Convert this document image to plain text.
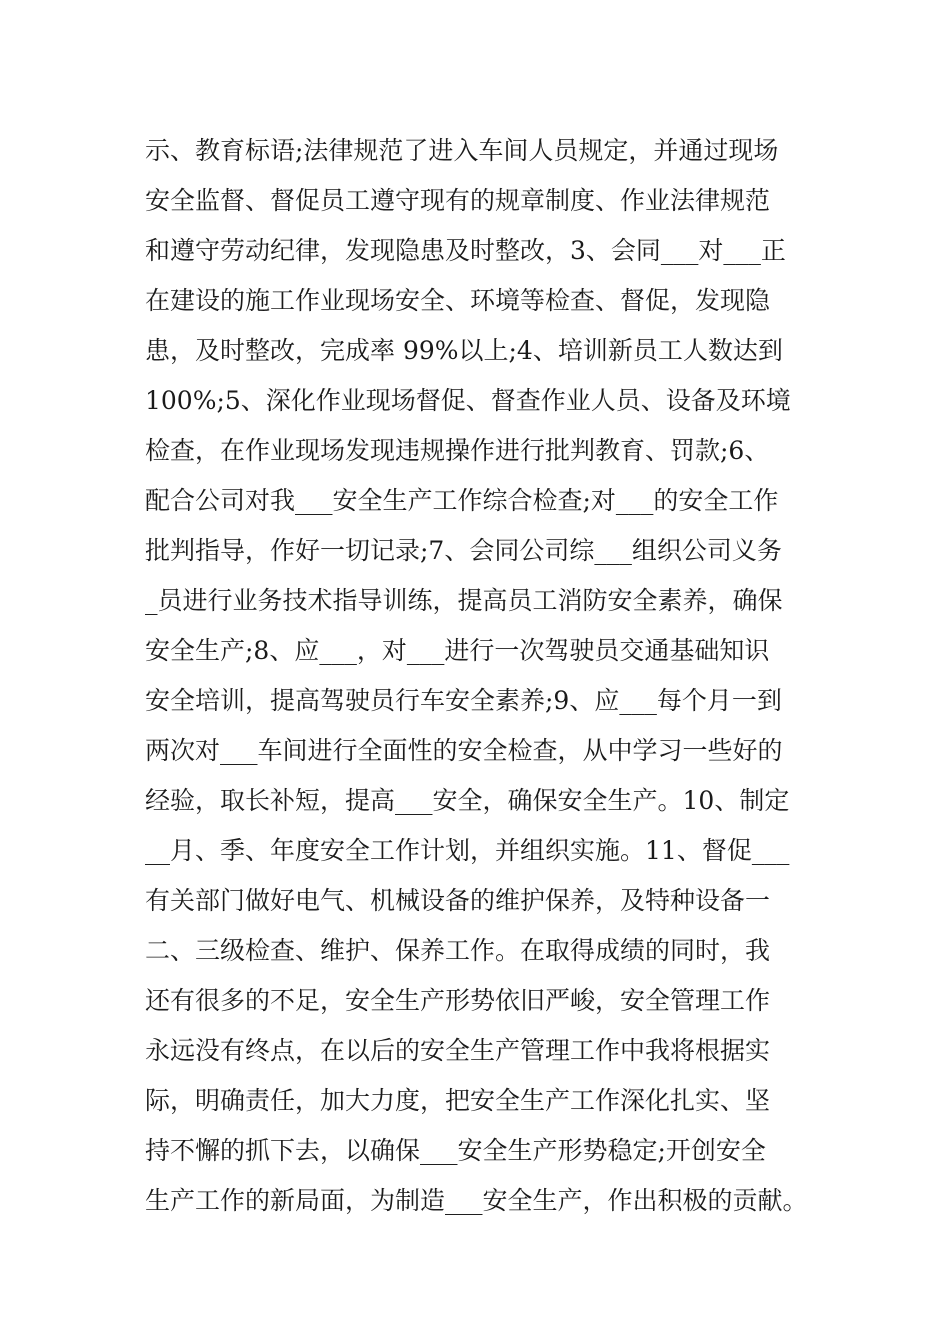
示、教育标语;法律规范了进入车间人员规定，并通过现场
安全监督、督促员工遵守现有的规章制度、作业法律规范
和遵守劳动纪律，发现隐患及时整改，3、会同___对___正
在建设的施工作业现场安全、环境等检查、督促，发现隐
患，及时整改，完成率 99%以上;4、培训新员工人数达到
100%;5、深化作业现场督促、督查作业人员、设备及环境
检查，在作业现场发现违规操作进行批判教育、罚款;6、
配合公司对我___安全生产工作综合检查;对___的安全工作
批判指导，作好一切记录;7、会同公司综___组织公司义务
_员进行业务技术指导训练，提高员工消防安全素养，确保
安全生产;8、应___，对___进行一次驾驶员交通基础知识
安全培训，提高驾驶员行车安全素养;9、应___每个月一到
两次对___车间进行全面性的安全检查，从中学习一些好的
经验，取长补短，提高___安全，确保安全生产。10、制定
__月、季、年度安全工作计划，并组织实施。11、督促___
有关部门做好电气、机械设备的维护保养，及特种设备一
二、三级检查、维护、保养工作。在取得成绩的同时，我
还有很多的不足，安全生产形势依旧严峻，安全管理工作
永远没有终点，在以后的安全生产管理工作中我将根据实
际，明确责任，加大力度，把安全生产工作深化扎实、坚
持不懈的抓下去，以确保___安全生产形势稳定;开创安全
生产工作的新局面，为制造___安全生产，作出积极的贡献。
